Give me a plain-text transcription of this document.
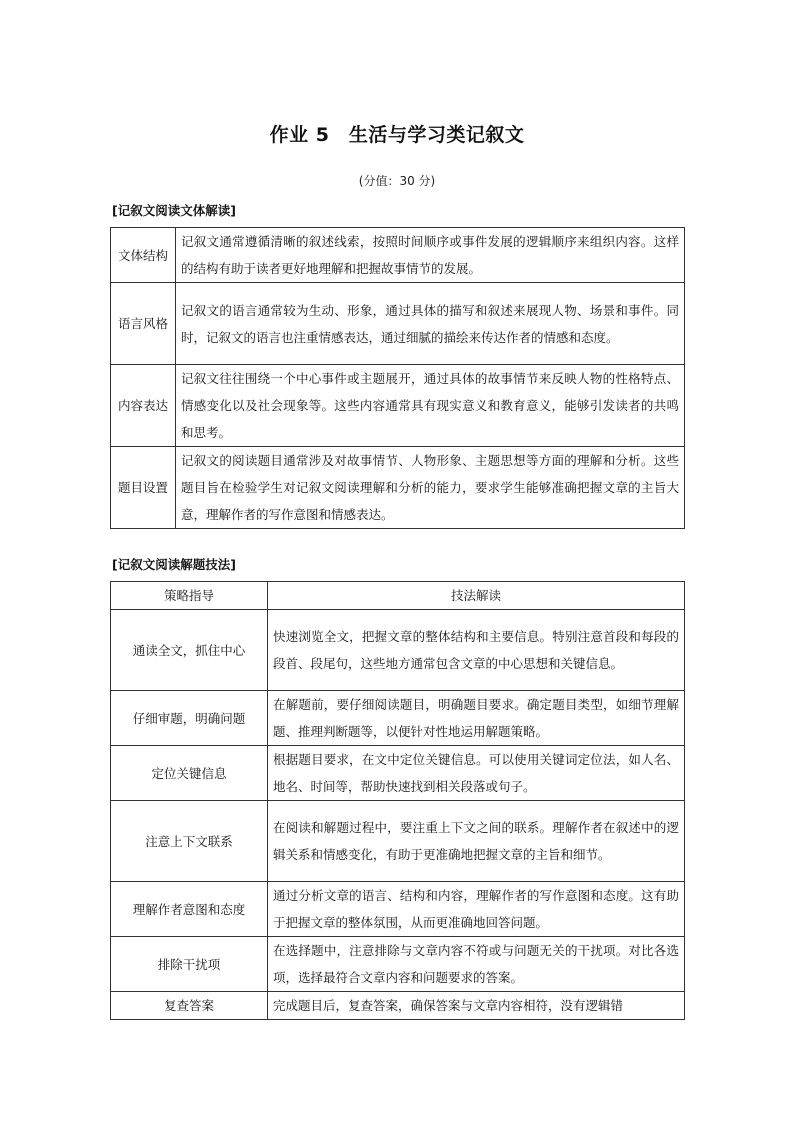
作业 5　生活与学习类记叙文
(分值：30 分)
[记叙文阅读文体解读]
文体结构	记叙文通常遵循清晰的叙述线索，按照时间顺序或事件发展的逻辑顺序来组织内容。这样的结构有助于读者更好地理解和把握故事情节的发展。
语言风格	记叙文的语言通常较为生动、形象，通过具体的描写和叙述来展现人物、场景和事件。同时，记叙文的语言也注重情感表达，通过细腻的描绘来传达作者的情感和态度。
内容表达	记叙文往往围绕一个中心事件或主题展开，通过具体的故事情节来反映人物的性格特点、情感变化以及社会现象等。这些内容通常具有现实意义和教育意义，能够引发读者的共鸣和思考。
题目设置	记叙文的阅读题目通常涉及对故事情节、人物形象、主题思想等方面的理解和分析。这些题目旨在检验学生对记叙文阅读理解和分析的能力，要求学生能够准确把握文章的主旨大意，理解作者的写作意图和情感表达。
[记叙文阅读解题技法]
策略指导	技法解读
通读全文，抓住中心	快速浏览全文，把握文章的整体结构和主要信息。特别注意首段和每段的段首、段尾句，这些地方通常包含文章的中心思想和关键信息。
仔细审题，明确问题	在解题前，要仔细阅读题目，明确题目要求。确定题目类型，如细节理解题、推理判断题等，以便针对性地运用解题策略。
定位关键信息	根据题目要求，在文中定位关键信息。可以使用关键词定位法，如人名、地名、时间等，帮助快速找到相关段落或句子。
注意上下文联系	在阅读和解题过程中，要注重上下文之间的联系。理解作者在叙述中的逻辑关系和情感变化，有助于更准确地把握文章的主旨和细节。
理解作者意图和态度	通过分析文章的语言、结构和内容，理解作者的写作意图和态度。这有助于把握文章的整体氛围，从而更准确地回答问题。
排除干扰项	在选择题中，注意排除与文章内容不符或与问题无关的干扰项。对比各选项，选择最符合文章内容和问题要求的答案。
复查答案	完成题目后，复查答案，确保答案与文章内容相符，没有逻辑错
